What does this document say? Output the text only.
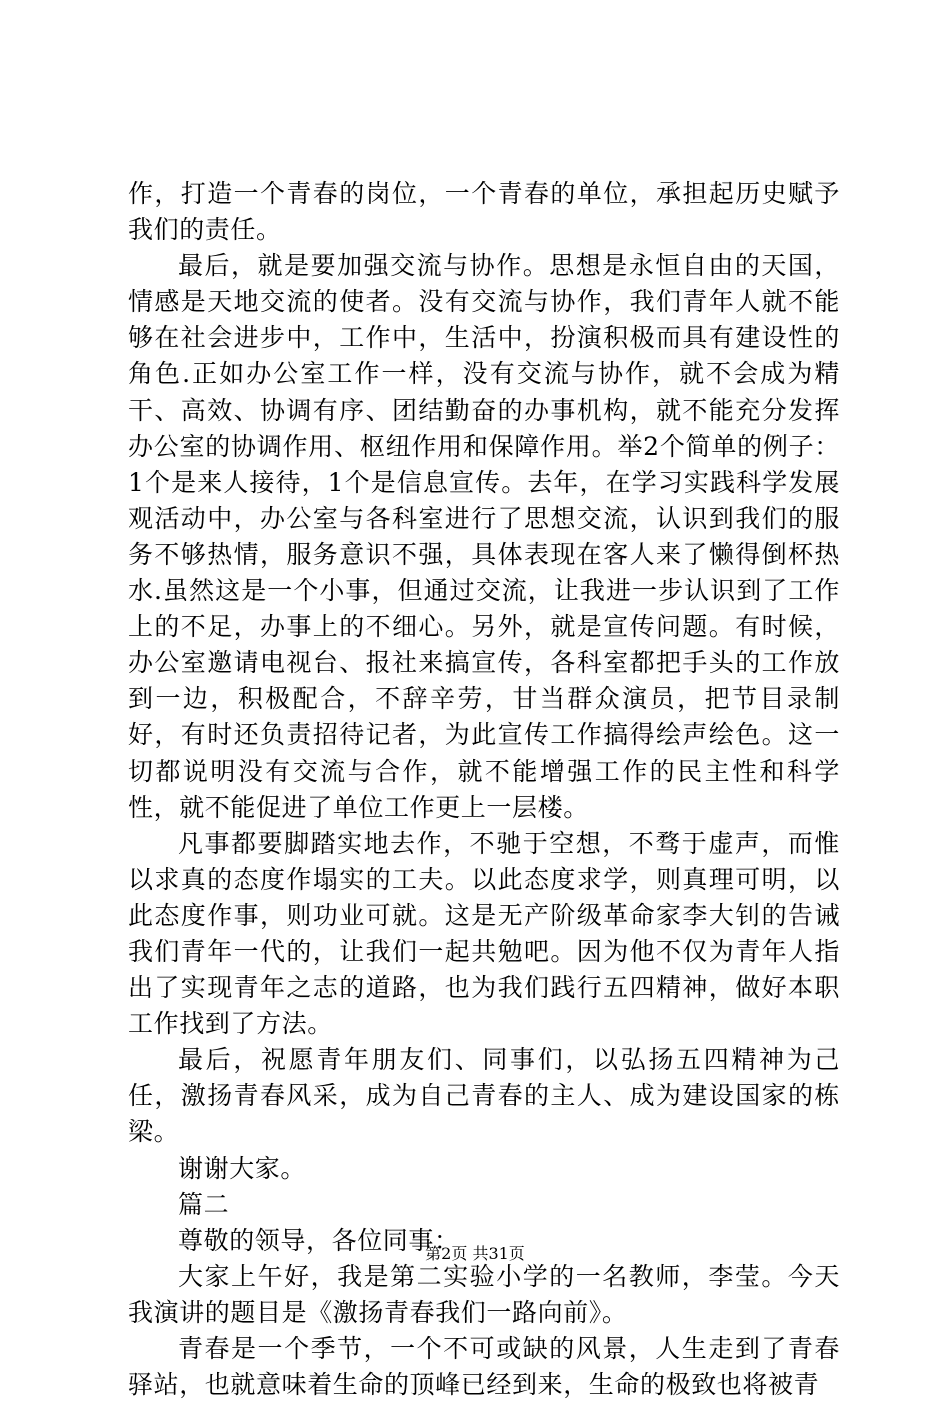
作，打造一个青春的岗位，一个青春的单位，承担起历史赋予我们的责任。

最后，就是要加强交流与协作。思想是永恒自由的天国，情感是天地交流的使者。没有交流与协作，我们青年人就不能够在社会进步中，工作中，生活中，扮演积极而具有建设性的角色.正如办公室工作一样，没有交流与协作，就不会成为精干、高效、协调有序、团结勤奋的办事机构，就不能充分发挥办公室的协调作用、枢纽作用和保障作用。举2个简单的例子：1个是来人接待，1个是信息宣传。去年，在学习实践科学发展观活动中，办公室与各科室进行了思想交流，认识到我们的服务不够热情，服务意识不强，具体表现在客人来了懒得倒杯热水.虽然这是一个小事，但通过交流，让我进一步认识到了工作上的不足，办事上的不细心。另外，就是宣传问题。有时候，办公室邀请电视台、报社来搞宣传，各科室都把手头的工作放到一边，积极配合，不辞辛劳，甘当群众演员，把节目录制好，有时还负责招待记者，为此宣传工作搞得绘声绘色。这一切都说明没有交流与合作，就不能增强工作的民主性和科学性，就不能促进了单位工作更上一层楼。

凡事都要脚踏实地去作，不驰于空想，不骛于虚声，而惟以求真的态度作塌实的工夫。以此态度求学，则真理可明，以此态度作事，则功业可就。这是无产阶级革命家李大钊的告诫我们青年一代的，让我们一起共勉吧。因为他不仅为青年人指出了实现青年之志的道路，也为我们践行五四精神，做好本职工作找到了方法。

最后，祝愿青年朋友们、同事们，以弘扬五四精神为己任，激扬青春风采，成为自己青春的主人、成为建设国家的栋梁。

谢谢大家。

篇二

尊敬的领导，各位同事：

大家上午好，我是第二实验小学的一名教师，李莹。今天我演讲的题目是《激扬青春我们一路向前》。

青春是一个季节，一个不可或缺的风景，人生走到了青春驿站，也就意味着生命的顶峰已经到来，生命的极致也将被青

第2页 共31页
